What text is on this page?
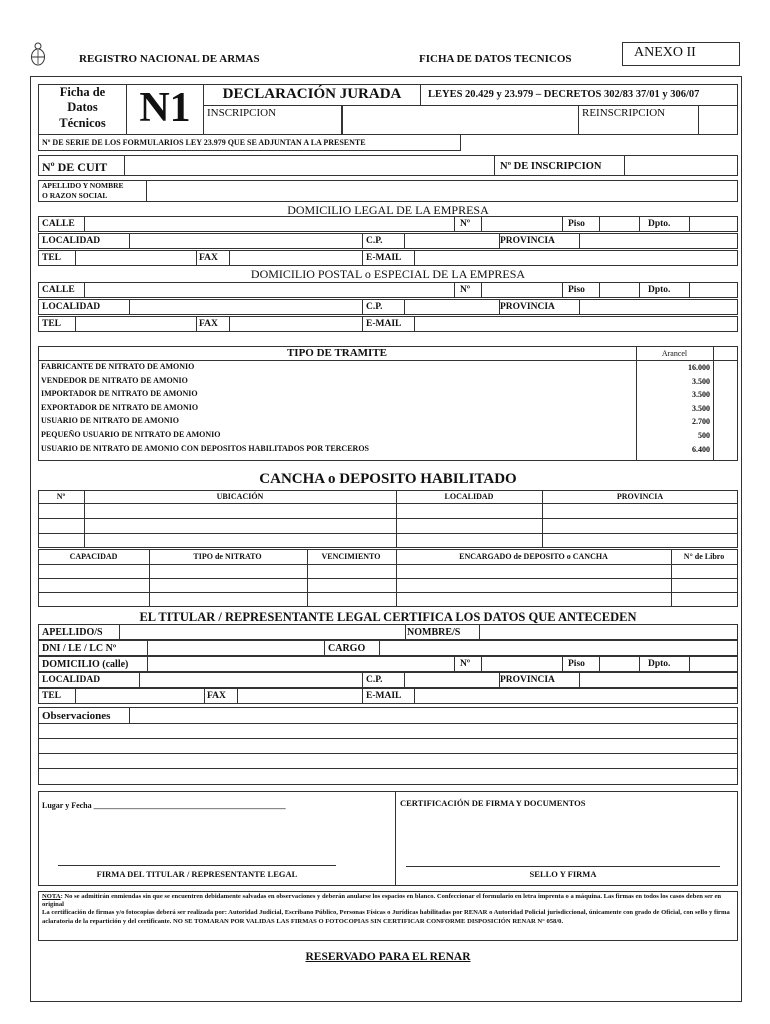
REGISTRO NACIONAL DE ARMAS	FICHA DE DATOS TECNICOS	ANEXO II
Ficha de
Datos
Técnicos N1	DECLARACIÓN JURADA	LEYES 20.429 y 23.979 – DECRETOS 302/83 37/01 y 306/07
INSCRIPCION	REINSCRIPCION
Nº DE SERIE DE LOS FORMULARIOS LEY 23.979 QUE SE ADJUNTAN A LA PRESENTE
Nº DE CUIT	Nº DE INSCRIPCION
APELLIDO Y NOMBRE
O RAZON SOCIAL
DOMICILIO LEGAL DE LA EMPRESA
CALLE	Nº	Piso	Dpto.
LOCALIDAD	C.P.	PROVINCIA
TEL	FAX	E-MAIL
DOMICILIO POSTAL o ESPECIAL DE LA EMPRESA
CALLE	Nº	Piso	Dpto.
LOCALIDAD	C.P.	PROVINCIA
TEL	FAX	E-MAIL
TIPO DE TRAMITE	Arancel
FABRICANTE DE NITRATO DE AMONIO	16.000
VENDEDOR DE NITRATO DE AMONIO	3.500
IMPORTADOR DE NITRATO DE AMONIO	3.500
EXPORTADOR DE NITRATO DE AMONIO	3.500
USUARIO DE NITRATO DE AMONIO	2.700
PEQUEÑO USUARIO DE NITRATO DE AMONIO	500
USUARIO DE NITRATO DE AMONIO CON DEPOSITOS HABILITADOS POR TERCEROS	6.400
CANCHA o DEPOSITO HABILITADO
Nº	UBICACIÓN	LOCALIDAD	PROVINCIA
CAPACIDAD	TIPO de NITRATO	VENCIMIENTO	ENCARGADO de DEPOSITO o CANCHA	N° de Libro
EL TITULAR / REPRESENTANTE LEGAL CERTIFICA LOS DATOS QUE ANTECEDEN
APELLIDO/S	NOMBRE/S
DNI / LE / LC Nº	CARGO
DOMICILIO (calle)	Nº	Piso	Dpto.
LOCALIDAD	C.P.	PROVINCIA
TEL	FAX	E-MAIL
Observaciones
Lugar y Fecha ________________________________________________	CERTIFICACIÓN DE FIRMA Y DOCUMENTOS
FIRMA DEL TITULAR / REPRESENTANTE LEGAL	SELLO Y FIRMA
NOTA: No se admitirán enmiendas sin que se encuentren debidamente salvadas en observaciones y deberán anularse los espacios en blanco. Confeccionar el formulario en letra imprenta o a máquina. Las firmas en todos los casos deben ser en original
La certificación de firmas y/o fotocopias deberá ser realizada por: Autoridad Judicial, Escribano Público, Personas Físicas o Jurídicas habilitadas por RENAR o Autoridad Policial jurisdiccional, únicamente con grado de Oficial, con sello y firma aclaratoria de la repartición y del certificante. NO SE TOMARAN POR VALIDAS LAS FIRMAS O FOTOCOPIAS SIN CERTIFICAR CONFORME DISPOSICIÓN RENAR N° 058/0.
RESERVADO PARA EL RENAR
